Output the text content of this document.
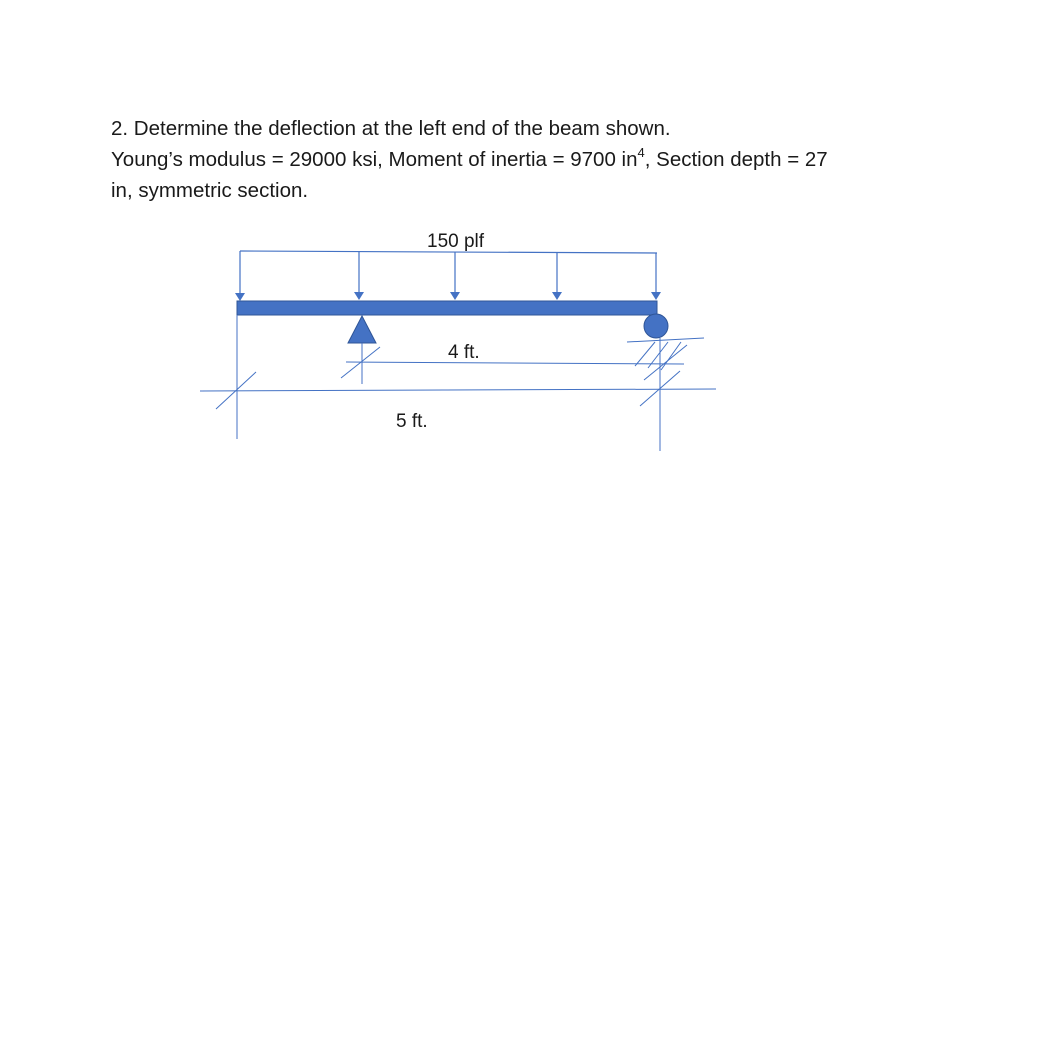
2. Determine the deflection at the left end of the beam shown.

Young’s modulus = 29000 ksi, Moment of inertia = 9700 $in^4$, Section depth = 27

in, symmetric section.

150 plf
4 ft.
5 ft.
